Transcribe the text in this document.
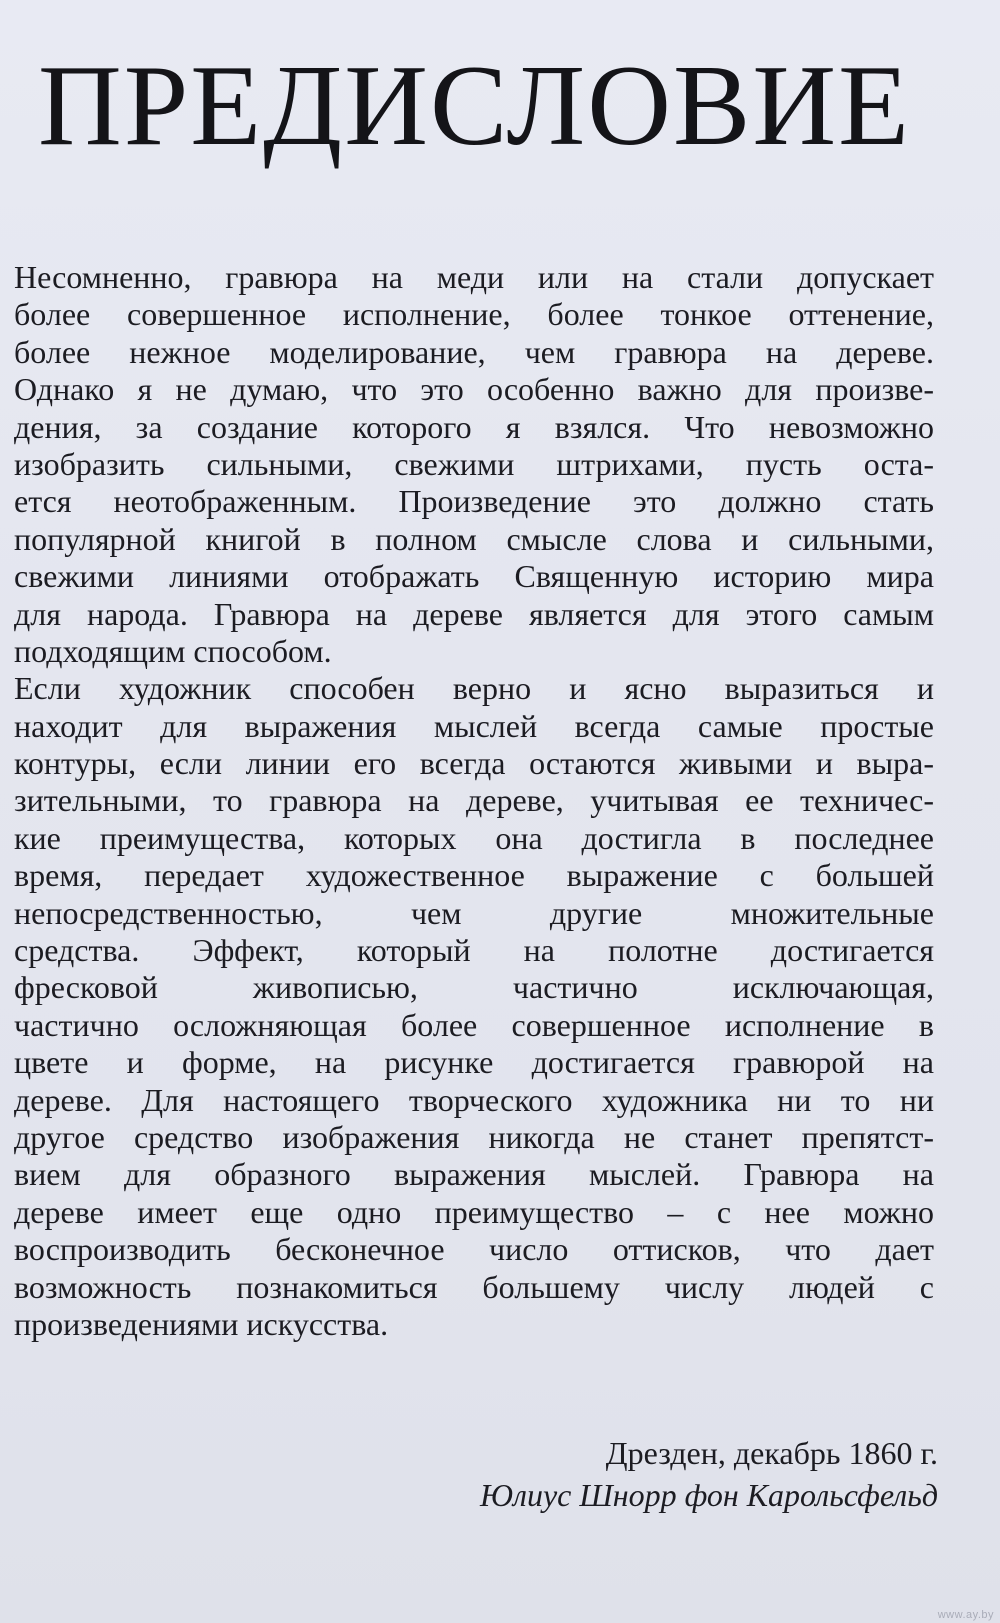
ПРЕДИСЛОВИЕ
Несомненно, гравюра на меди или на стали допускает
более совершенное исполнение, более тонкое оттенение,
более нежное моделирование, чем гравюра на дереве.
Однако я не думаю, что это особенно важно для произве-
дения, за создание которого я взялся. Что невозможно
изобразить сильными, свежими штрихами, пусть оста-
ется неотображенным. Произведение это должно стать
популярной книгой в полном смысле слова и сильными,
свежими линиями отображать Священную историю мира
для народа. Гравюра на дереве является для этого самым
подходящим способом.
Если художник способен верно и ясно выразиться и
находит для выражения мыслей всегда самые простые
контуры, если линии его всегда остаются живыми и выра-
зительными, то гравюра на дереве, учитывая ее техничес-
кие преимущества, которых она достигла в последнее
время, передает художественное выражение с большей
непосредственностью, чем другие множительные
средства. Эффект, который на полотне достигается
фресковой живописью, частично исключающая,
частично осложняющая более совершенное исполнение в
цвете и форме, на рисунке достигается гравюрой на
дереве. Для настоящего творческого художника ни то ни
другое средство изображения никогда не станет препятст-
вием для образного выражения мыслей. Гравюра на
дереве имеет еще одно преимущество – с нее можно
воспроизводить бесконечное число оттисков, что дает
возможность познакомиться большему числу людей с
произведениями искусства.
Дрезден, декабрь 1860 г.
Юлиус Шнорр фон Карольсфельд
www.ay.by
